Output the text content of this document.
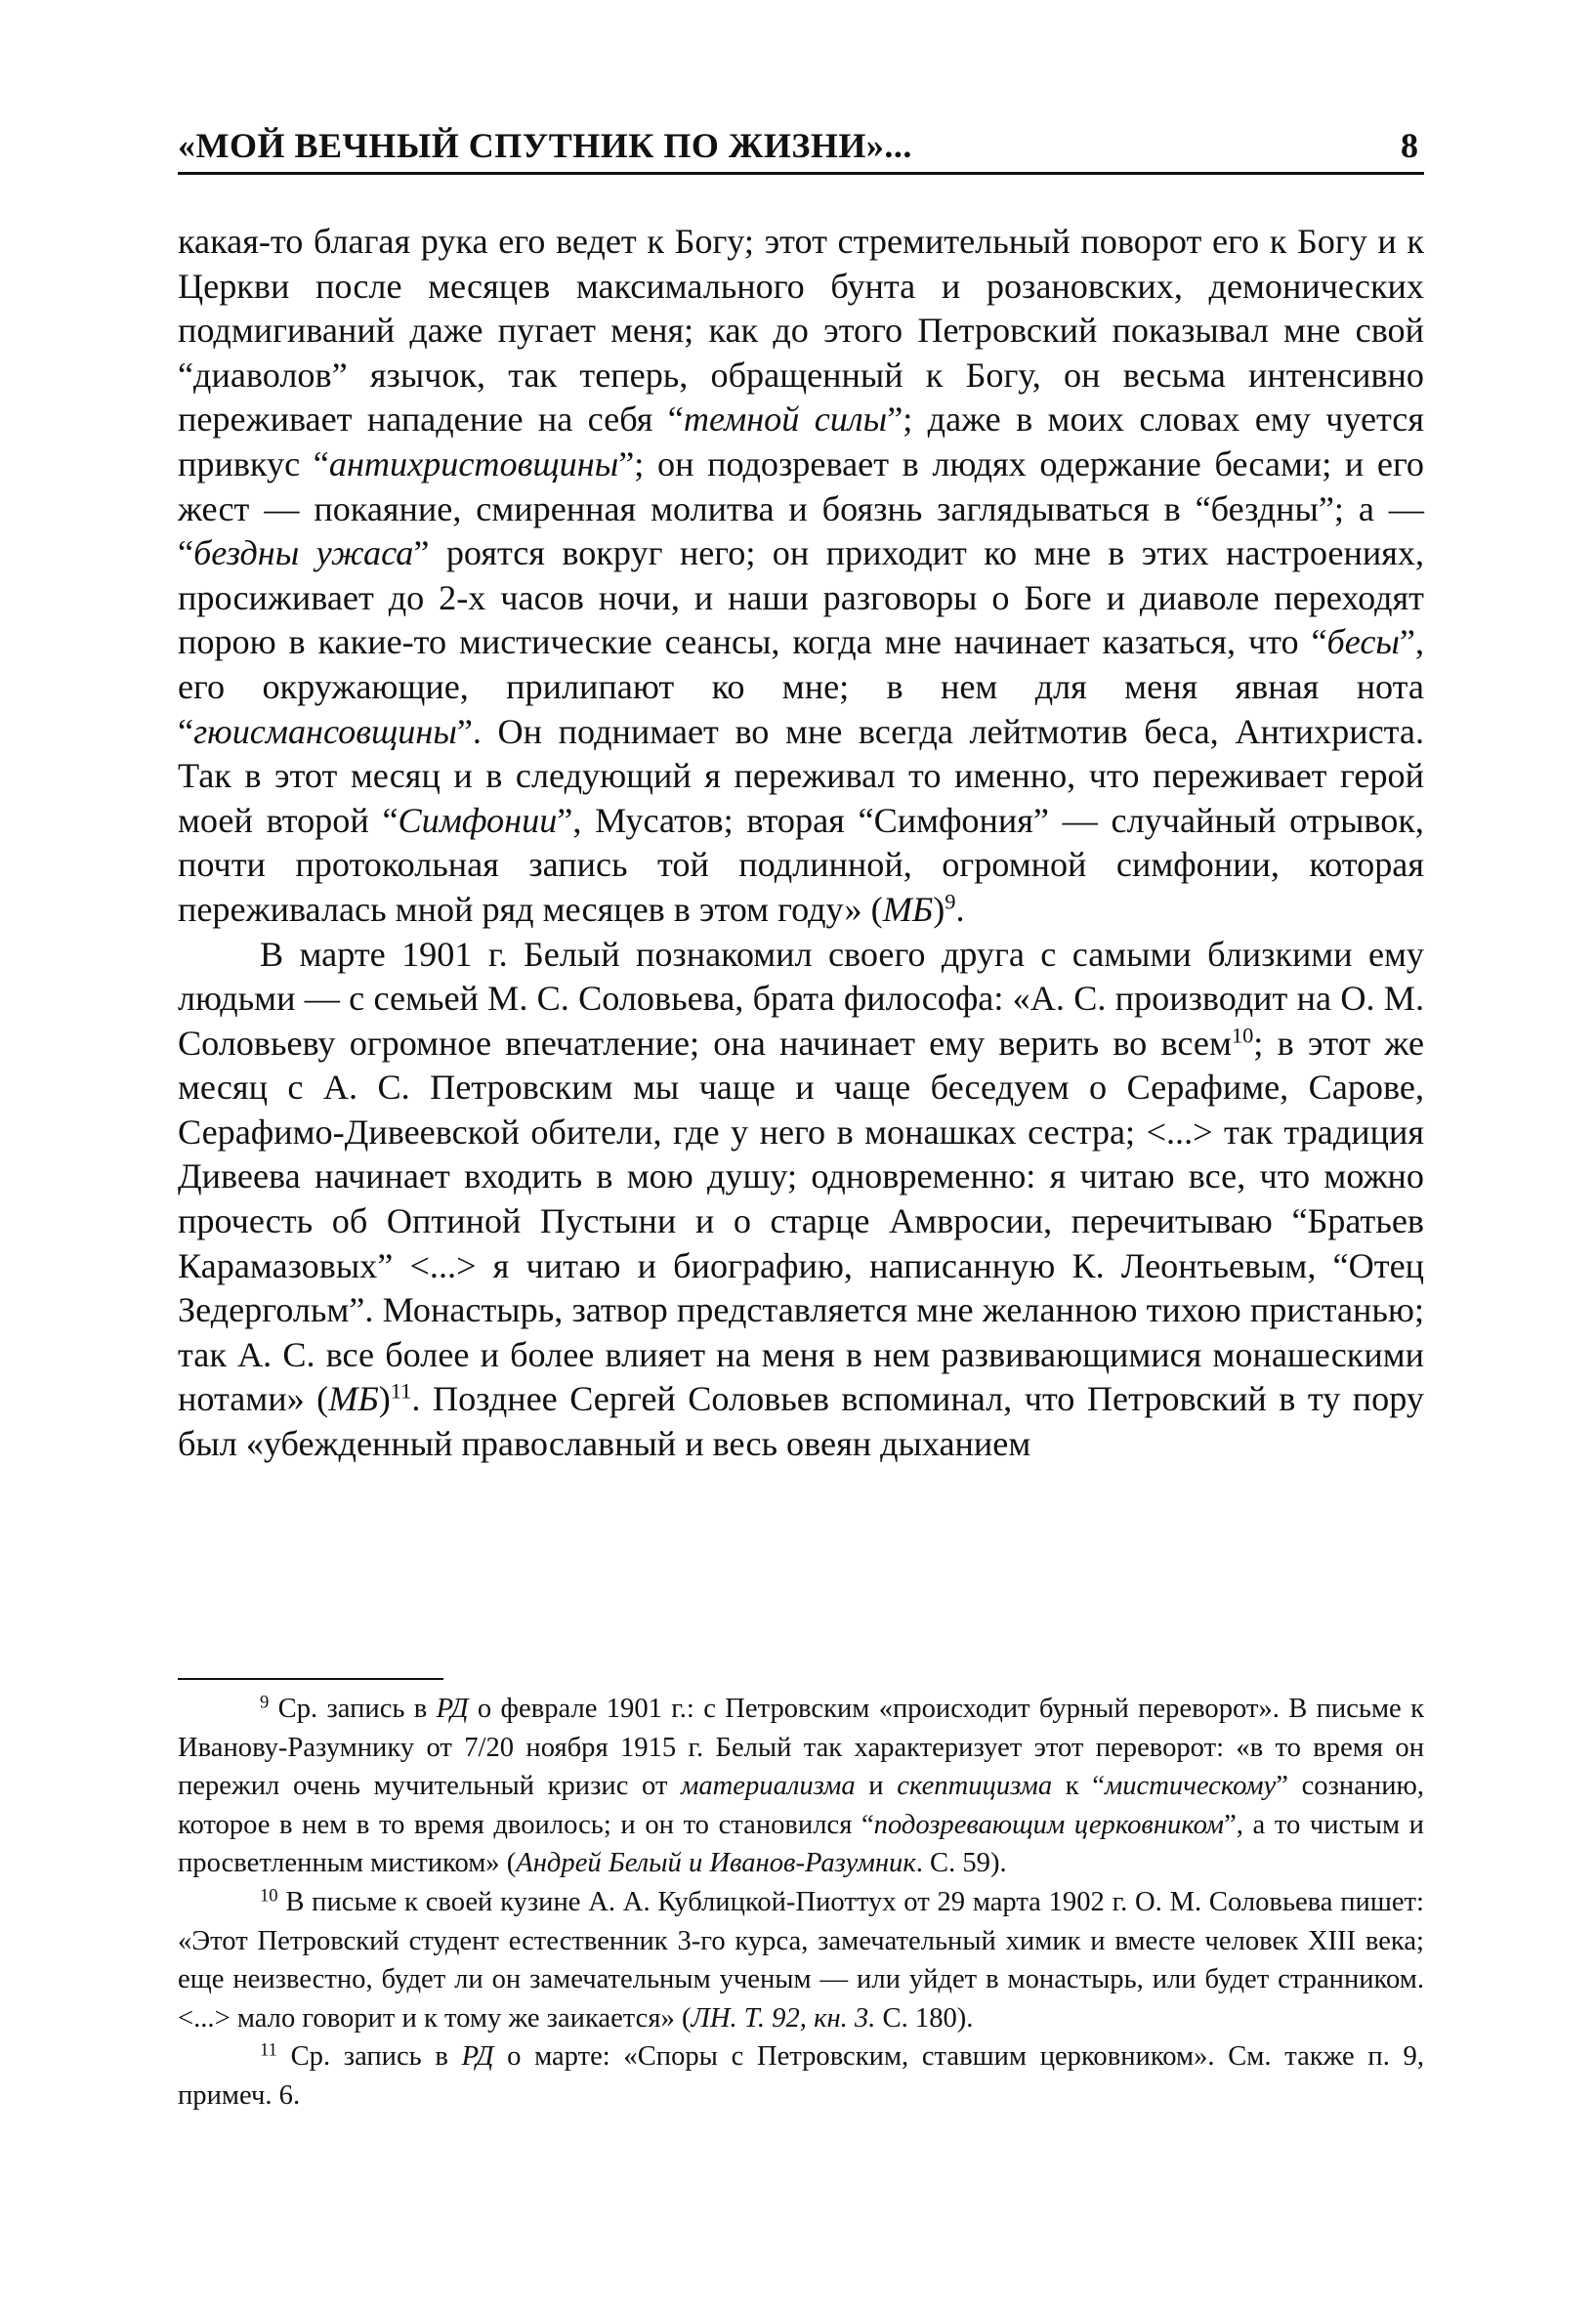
«МОЙ ВЕЧНЫЙ СПУТНИК ПО ЖИЗНИ»...	8

какая-то благая рука его ведет к Богу; этот стремительный поворот его к Богу и к Церкви после месяцев максимального бунта и розановских, демонических подмигиваний даже пугает меня; как до этого Петровский показывал мне свой “диаволов” язычок, так теперь, обращенный к Богу, он весьма интенсивно переживает нападение на себя “темной силы”; даже в моих словах ему чуется привкус “антихристовщины”; он подозревает в людях одержание бесами; и его жест — покаяние, смиренная молитва и боязнь заглядываться в “бездны”; а — “бездны ужаса” роятся вокруг него; он приходит ко мне в этих настроениях, просиживает до 2-х часов ночи, и наши разговоры о Боге и диаволе переходят порою в какие-то мистические сеансы, когда мне начинает казаться, что “бесы”, его окружающие, прилипают ко мне; в нем для меня явная нота “гюисмансовщины”. Он поднимает во мне всегда лейтмотив беса, Антихриста. Так в этот месяц и в следующий я переживал то именно, что переживает герой моей второй “Симфонии”, Мусатов; вторая “Симфония” — случайный отрывок, почти протокольная запись той подлинной, огромной симфонии, которая переживалась мной ряд месяцев в этом году» (МБ)$^9$.

В марте 1901 г. Белый познакомил своего друга с самыми близкими ему людьми — с семьей М. С. Соловьева, брата философа: «А. С. производит на О. М. Соловьеву огромное впечатление; она начинает ему верить во всем$^{10}$; в этот же месяц с А. С. Петровским мы чаще и чаще беседуем о Серафиме, Сарове, Серафимо-Дивеевской обители, где у него в монашках сестра; <...> так традиция Дивеева начинает входить в мою душу; одновременно: я читаю все, что можно прочесть об Оптиной Пустыни и о старце Амвросии, перечитываю “Братьев Карамазовых” <...> я читаю и биографию, написанную К. Леонтьевым, “Отец Зедергольм”. Монастырь, затвор представляется мне желанною тихою пристанью; так А. С. все более и более влияет на меня в нем развивающимися монашескими нотами» (МБ)$^{11}$. Позднее Сергей Соловьев вспоминал, что Петровский в ту пору был «убежденный православный и весь овеян дыханием

$^9$ Ср. запись в РД о феврале 1901 г.: с Петровским «происходит бурный переворот». В письме к Иванову-Разумнику от 7/20 ноября 1915 г. Белый так характеризует этот переворот: «в то время он пережил очень мучительный кризис от материализма и скептицизма к “мистическому” сознанию, которое в нем в то время двоилось; и он то становился “подозревающим церковником”, а то чистым и просветленным мистиком» (Андрей Белый и Иванов-Разумник. С. 59).

$^{10}$ В письме к своей кузине А. А. Кублицкой-Пиоттух от 29 марта 1902 г. О. М. Соловьева пишет: «Этот Петровский студент естественник 3-го курса, замечательный химик и вместе человек XIII века; еще неизвестно, будет ли он замечательным ученым — или уйдет в монастырь, или будет странником. <...> мало говорит и к тому же заикается» (ЛН. Т. 92, кн. 3. С. 180).

$^{11}$ Ср. запись в РД о марте: «Споры с Петровским, ставшим церковником». См. также п. 9, примеч. 6.
